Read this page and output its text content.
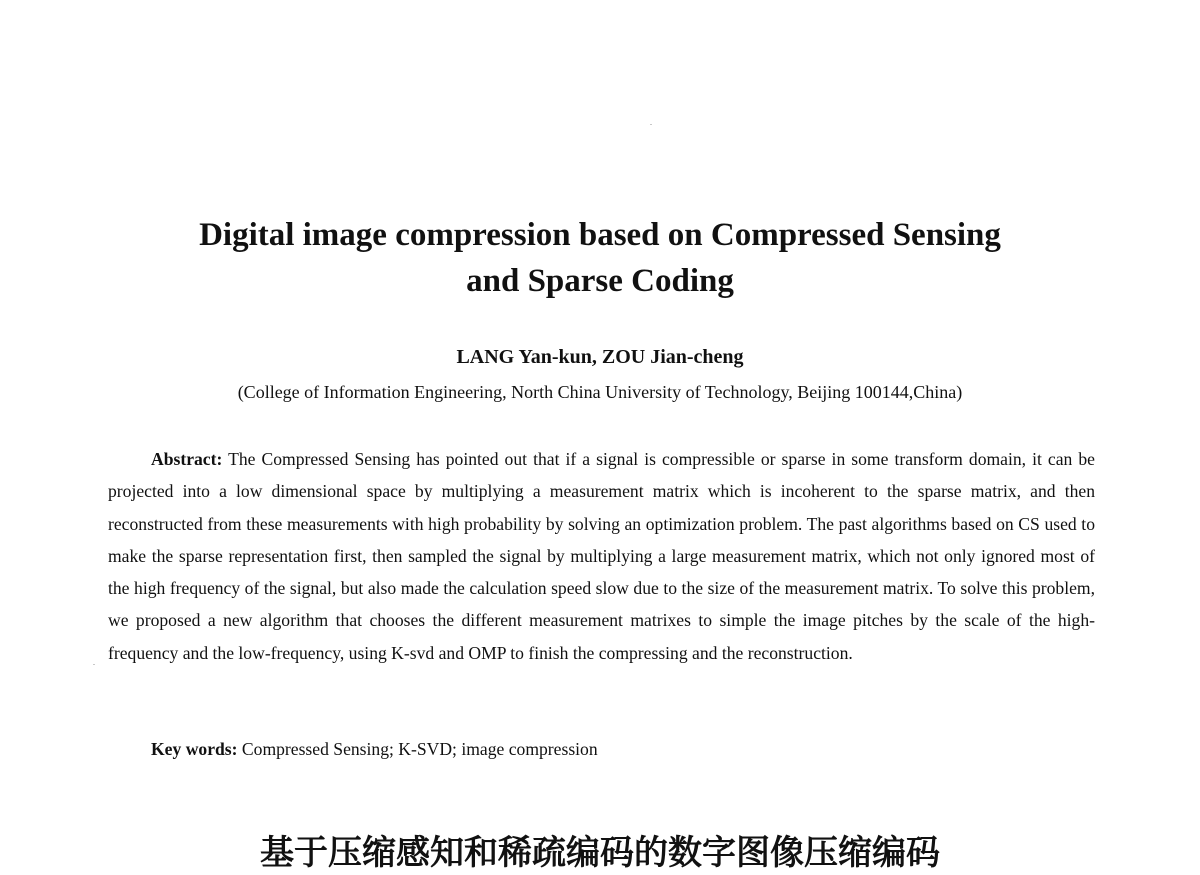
Digital image compression based on Compressed Sensing
and Sparse Coding

LANG Yan-kun, ZOU Jian-cheng

(College of Information Engineering, North China University of Technology, Beijing 100144,China)

Abstract: The Compressed Sensing has pointed out that if a signal is compressible or sparse in some transform domain, it can be projected into a low dimensional space by multiplying a measurement matrix which is incoherent to the sparse matrix, and then reconstructed from these measurements with high probability by solving an optimization problem. The past algorithms based on CS used to make the sparse representation first, then sampled the signal by multiplying a large measurement matrix, which not only ignored most of the high frequency of the signal, but also made the calculation speed slow due to the size of the measurement matrix. To solve this problem, we proposed a new algorithm that chooses the different measurement matrixes to simple the image pitches by the scale of the high-frequency and the low-frequency, using K-svd and OMP to finish the compressing and the reconstruction.

Key words: Compressed Sensing; K-SVD; image compression

基于压缩感知和稀疏编码的数字图像压缩编码
